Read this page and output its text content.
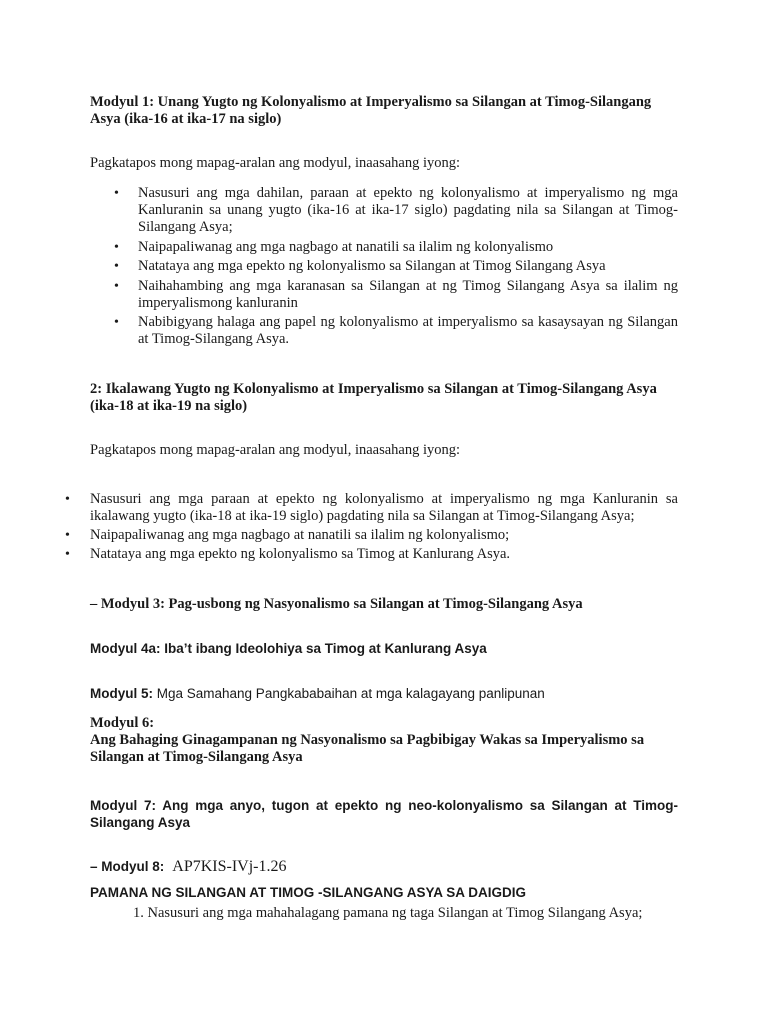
Modyul 1: Unang Yugto ng Kolonyalismo at Imperyalismo sa Silangan at Timog-Silangang Asya (ika-16 at ika-17 na siglo)
Pagkatapos mong mapag-aralan ang modyul, inaasahang iyong:
• Nasusuri ang mga dahilan, paraan at epekto ng kolonyalismo at imperyalismo ng mga Kanluranin sa unang yugto (ika-16 at ika-17 siglo) pagdating nila sa Silangan at Timog-Silangang Asya;
• Naipapaliwanag ang mga nagbago at nanatili sa ilalim ng kolonyalismo
• Natataya ang mga epekto ng kolonyalismo sa Silangan at Timog Silangang Asya
• Naihahambing ang mga karanasan sa Silangan at ng Timog Silangang Asya sa ilalim ng imperyalismong kanluranin
• Nabibigyang halaga ang papel ng kolonyalismo at imperyalismo sa kasaysayan ng Silangan at Timog-Silangang Asya.
2: Ikalawang Yugto ng Kolonyalismo at Imperyalismo sa Silangan at Timog-Silangang Asya (ika-18 at ika-19 na siglo)
Pagkatapos mong mapag-aralan ang modyul, inaasahang iyong:
• Nasusuri ang mga paraan at epekto ng kolonyalismo at imperyalismo ng mga Kanluranin sa ikalawang yugto (ika-18 at ika-19 siglo) pagdating nila sa Silangan at Timog-Silangang Asya;
• Naipapaliwanag ang mga nagbago at nanatili sa ilalim ng kolonyalismo;
• Natataya ang mga epekto ng kolonyalismo sa Timog at Kanlurang Asya.
– Modyul 3: Pag-usbong ng Nasyonalismo sa Silangan at Timog-Silangang Asya
Modyul 4a: Iba’t ibang Ideolohiya sa Timog at Kanlurang Asya
Modyul 5: Mga Samahang Pangkababaihan at mga kalagayang panlipunan
Modyul 6:
Ang Bahaging Ginagampanan ng Nasyonalismo sa Pagbibigay Wakas sa Imperyalismo sa Silangan at Timog-Silangang Asya
Modyul 7: Ang mga anyo, tugon at epekto ng neo-kolonyalismo sa Silangan at Timog-Silangang Asya
– Modyul 8: AP7KIS-IVj-1.26
PAMANA NG SILANGAN AT TIMOG -SILANGANG ASYA SA DAIGDIG
1. Nasusuri ang mga mahahalagang pamana ng taga Silangan at Timog Silangang Asya;
